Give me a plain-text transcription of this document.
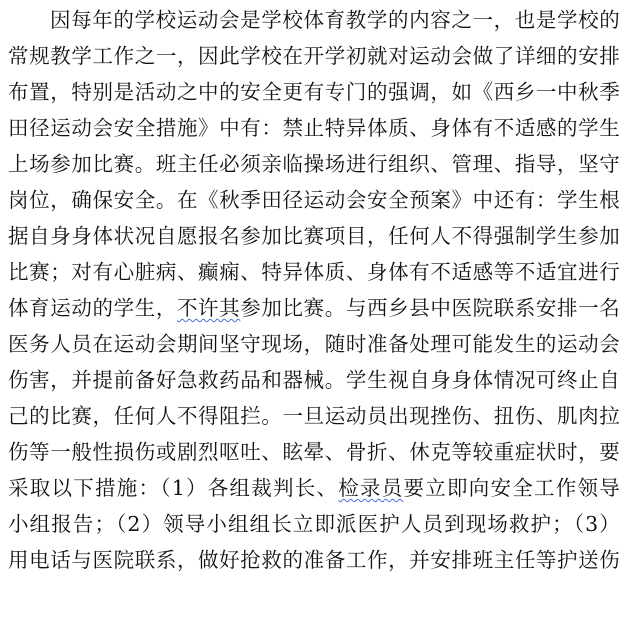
因每年的学校运动会是学校体育教学的内容之一，也是学校的
常规教学工作之一，因此学校在开学初就对运动会做了详细的安排
布置，特别是活动之中的安全更有专门的强调，如《西乡一中秋季
田径运动会安全措施》中有：禁止特异体质、身体有不适感的学生
上场参加比赛。班主任必须亲临操场进行组织、管理、指导，坚守
岗位，确保安全。在《秋季田径运动会安全预案》中还有：学生根
据自身身体状况自愿报名参加比赛项目，任何人不得强制学生参加
比赛；对有心脏病、癫痫、特异体质、身体有不适感等不适宜进行
体育运动的学生，不许其参加比赛。与西乡县中医院联系安排一名
医务人员在运动会期间坚守现场，随时准备处理可能发生的运动会
伤害，并提前备好急救药品和器械。学生视自身身体情况可终止自
己的比赛，任何人不得阻拦。一旦运动员出现挫伤、扭伤、肌肉拉
伤等一般性损伤或剧烈呕吐、眩晕、骨折、休克等较重症状时，要
采取以下措施：（1）各组裁判长、检录员要立即向安全工作领导
小组报告；（2）领导小组组长立即派医护人员到现场救护；（3）
用电话与医院联系，做好抢救的准备工作，并安排班主任等护送伤
